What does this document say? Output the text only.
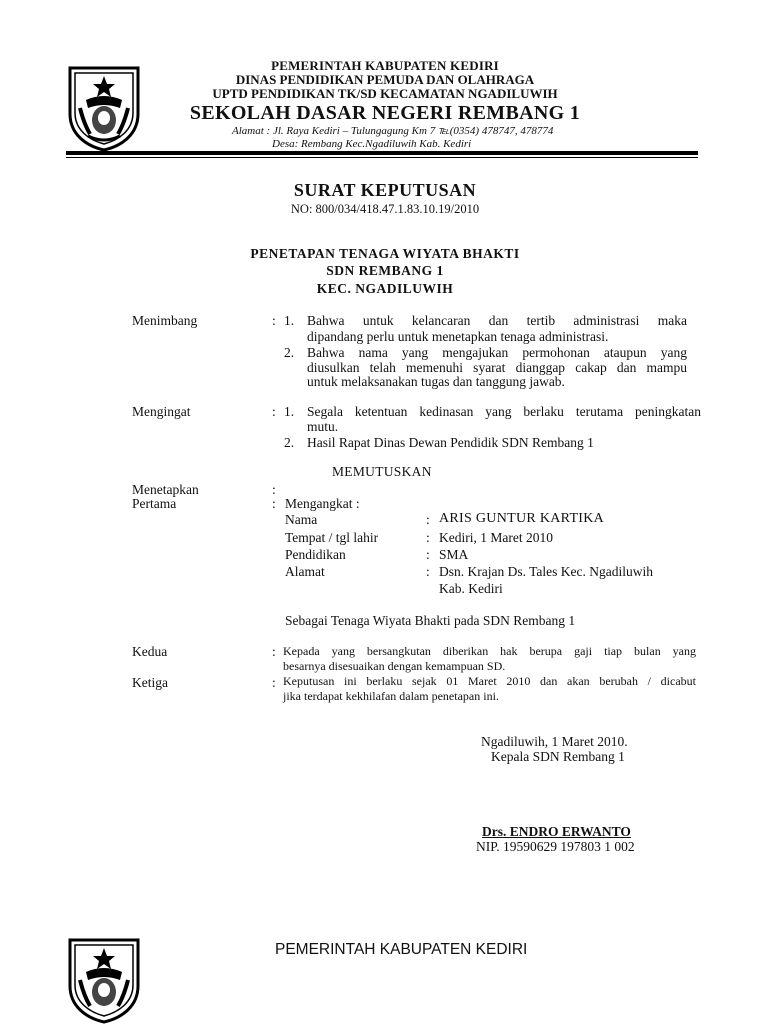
PEMERINTAH KABUPATEN KEDIRI
DINAS PENDIDIKAN PEMUDA DAN OLAHRAGA
UPTD PENDIDIKAN TK/SD KECAMATAN NGADILUWIH
SEKOLAH DASAR NEGERI REMBANG 1
Alamat : Jl. Raya Kediri – Tulungagung Km 7 ℡(0354) 478747, 478774
Desa: Rembang Kec.Ngadiluwih Kab. Kediri
SURAT KEPUTUSAN
NO: 800/034/418.47.1.83.10.19/2010
PENETAPAN TENAGA WIYATA BHAKTI
SDN REMBANG 1
KEC. NGADILUWIH
Menimbang	: 1. Bahwa untuk kelancaran dan tertib administrasi maka
dipandang perlu untuk menetapkan tenaga administrasi.
2. Bahwa nama yang mengajukan permohonan ataupun yang
diusulkan telah memenuhi syarat dianggap cakap dan mampu
untuk melaksanakan tugas dan tanggung jawab.
Mengingat	: 1. Segala ketentuan kedinasan yang berlaku terutama peningkatan
mutu.
2. Hasil Rapat Dinas Dewan Pendidik SDN Rembang 1
MEMUTUSKAN
Menetapkan	:
Pertama	: Mengangkat :
Nama	: ARIS GUNTUR KARTIKA
Tempat / tgl lahir	: Kediri, 1 Maret 2010
Pendidikan	: SMA
Alamat	: Dsn. Krajan Ds. Tales Kec. Ngadiluwih
Kab. Kediri
Sebagai Tenaga Wiyata Bhakti pada SDN Rembang 1
Kedua	: Kepada yang bersangkutan diberikan hak berupa gaji tiap bulan yang
besarnya disesuaikan dengan kemampuan SD.
Ketiga	: Keputusan ini berlaku sejak 01 Maret 2010 dan akan berubah / dicabut
jika terdapat kekhilafan dalam penetapan ini.
Ngadiluwih, 1 Maret 2010.
Kepala SDN Rembang 1
Drs. ENDRO ERWANTO
NIP. 19590629 197803 1 002
PEMERINTAH KABUPATEN KEDIRI
